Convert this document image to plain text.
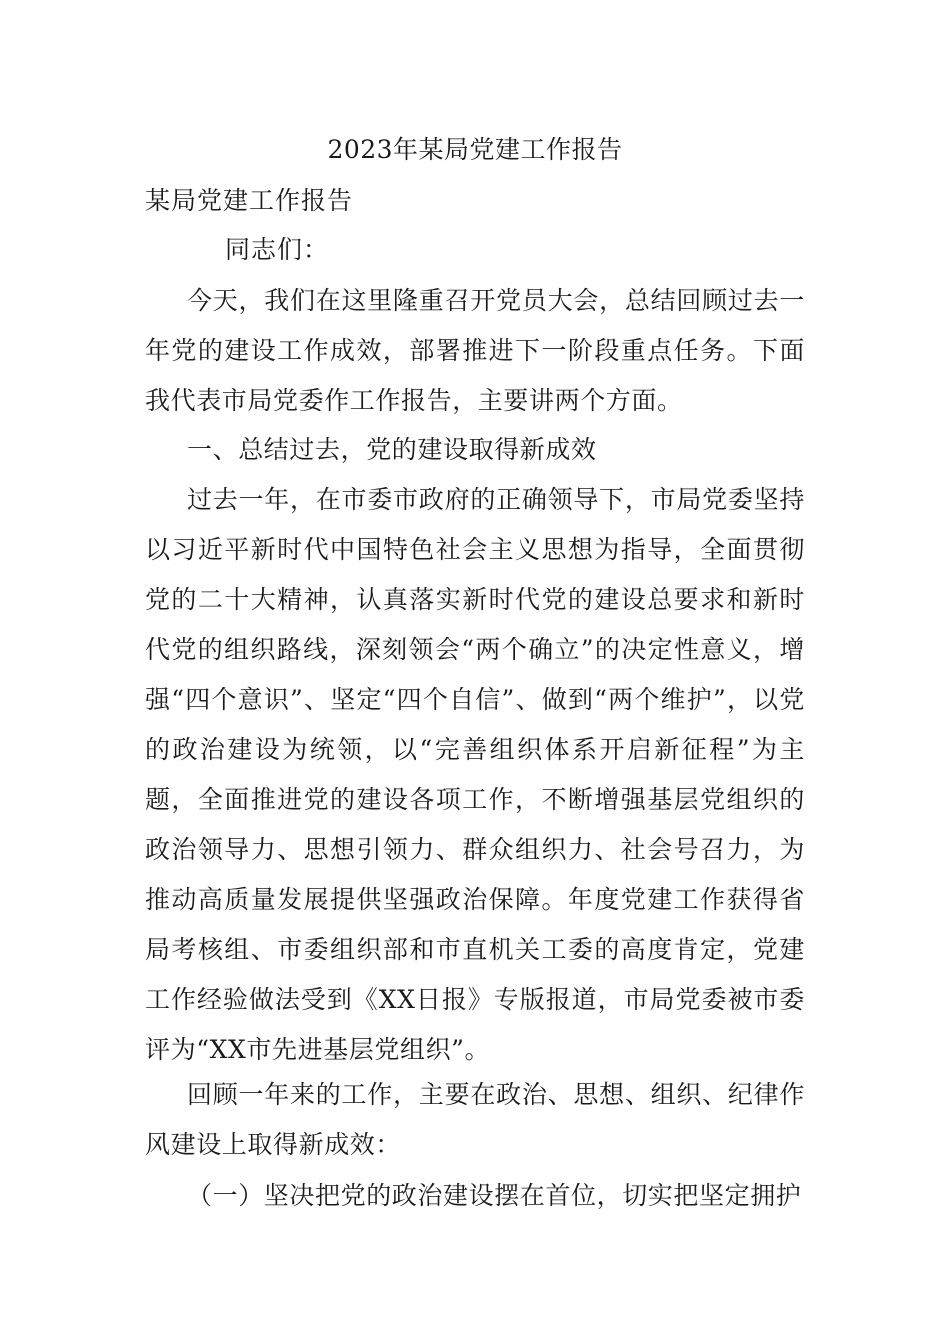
2023年某局党建工作报告
某局党建工作报告
同志们：
今天，我们在这里隆重召开党员大会，总结回顾过去一年党的建设工作成效，部署推进下一阶段重点任务。下面我代表市局党委作工作报告，主要讲两个方面。
一、总结过去，党的建设取得新成效
过去一年，在市委市政府的正确领导下，市局党委坚持以习近平新时代中国特色社会主义思想为指导，全面贯彻党的二十大精神，认真落实新时代党的建设总要求和新时代党的组织路线，深刻领会“两个确立”的决定性意义，增强“四个意识”、坚定“四个自信”、做到“两个维护”，以党的政治建设为统领，以“完善组织体系开启新征程”为主题，全面推进党的建设各项工作，不断增强基层党组织的政治领导力、思想引领力、群众组织力、社会号召力，为推动高质量发展提供坚强政治保障。年度党建工作获得省局考核组、市委组织部和市直机关工委的高度肯定，党建工作经验做法受到《XX日报》专版报道，市局党委被市委评为“XX市先进基层党组织”。
回顾一年来的工作，主要在政治、思想、组织、纪律作风建设上取得新成效：
（一）坚决把党的政治建设摆在首位，切实把坚定拥护
